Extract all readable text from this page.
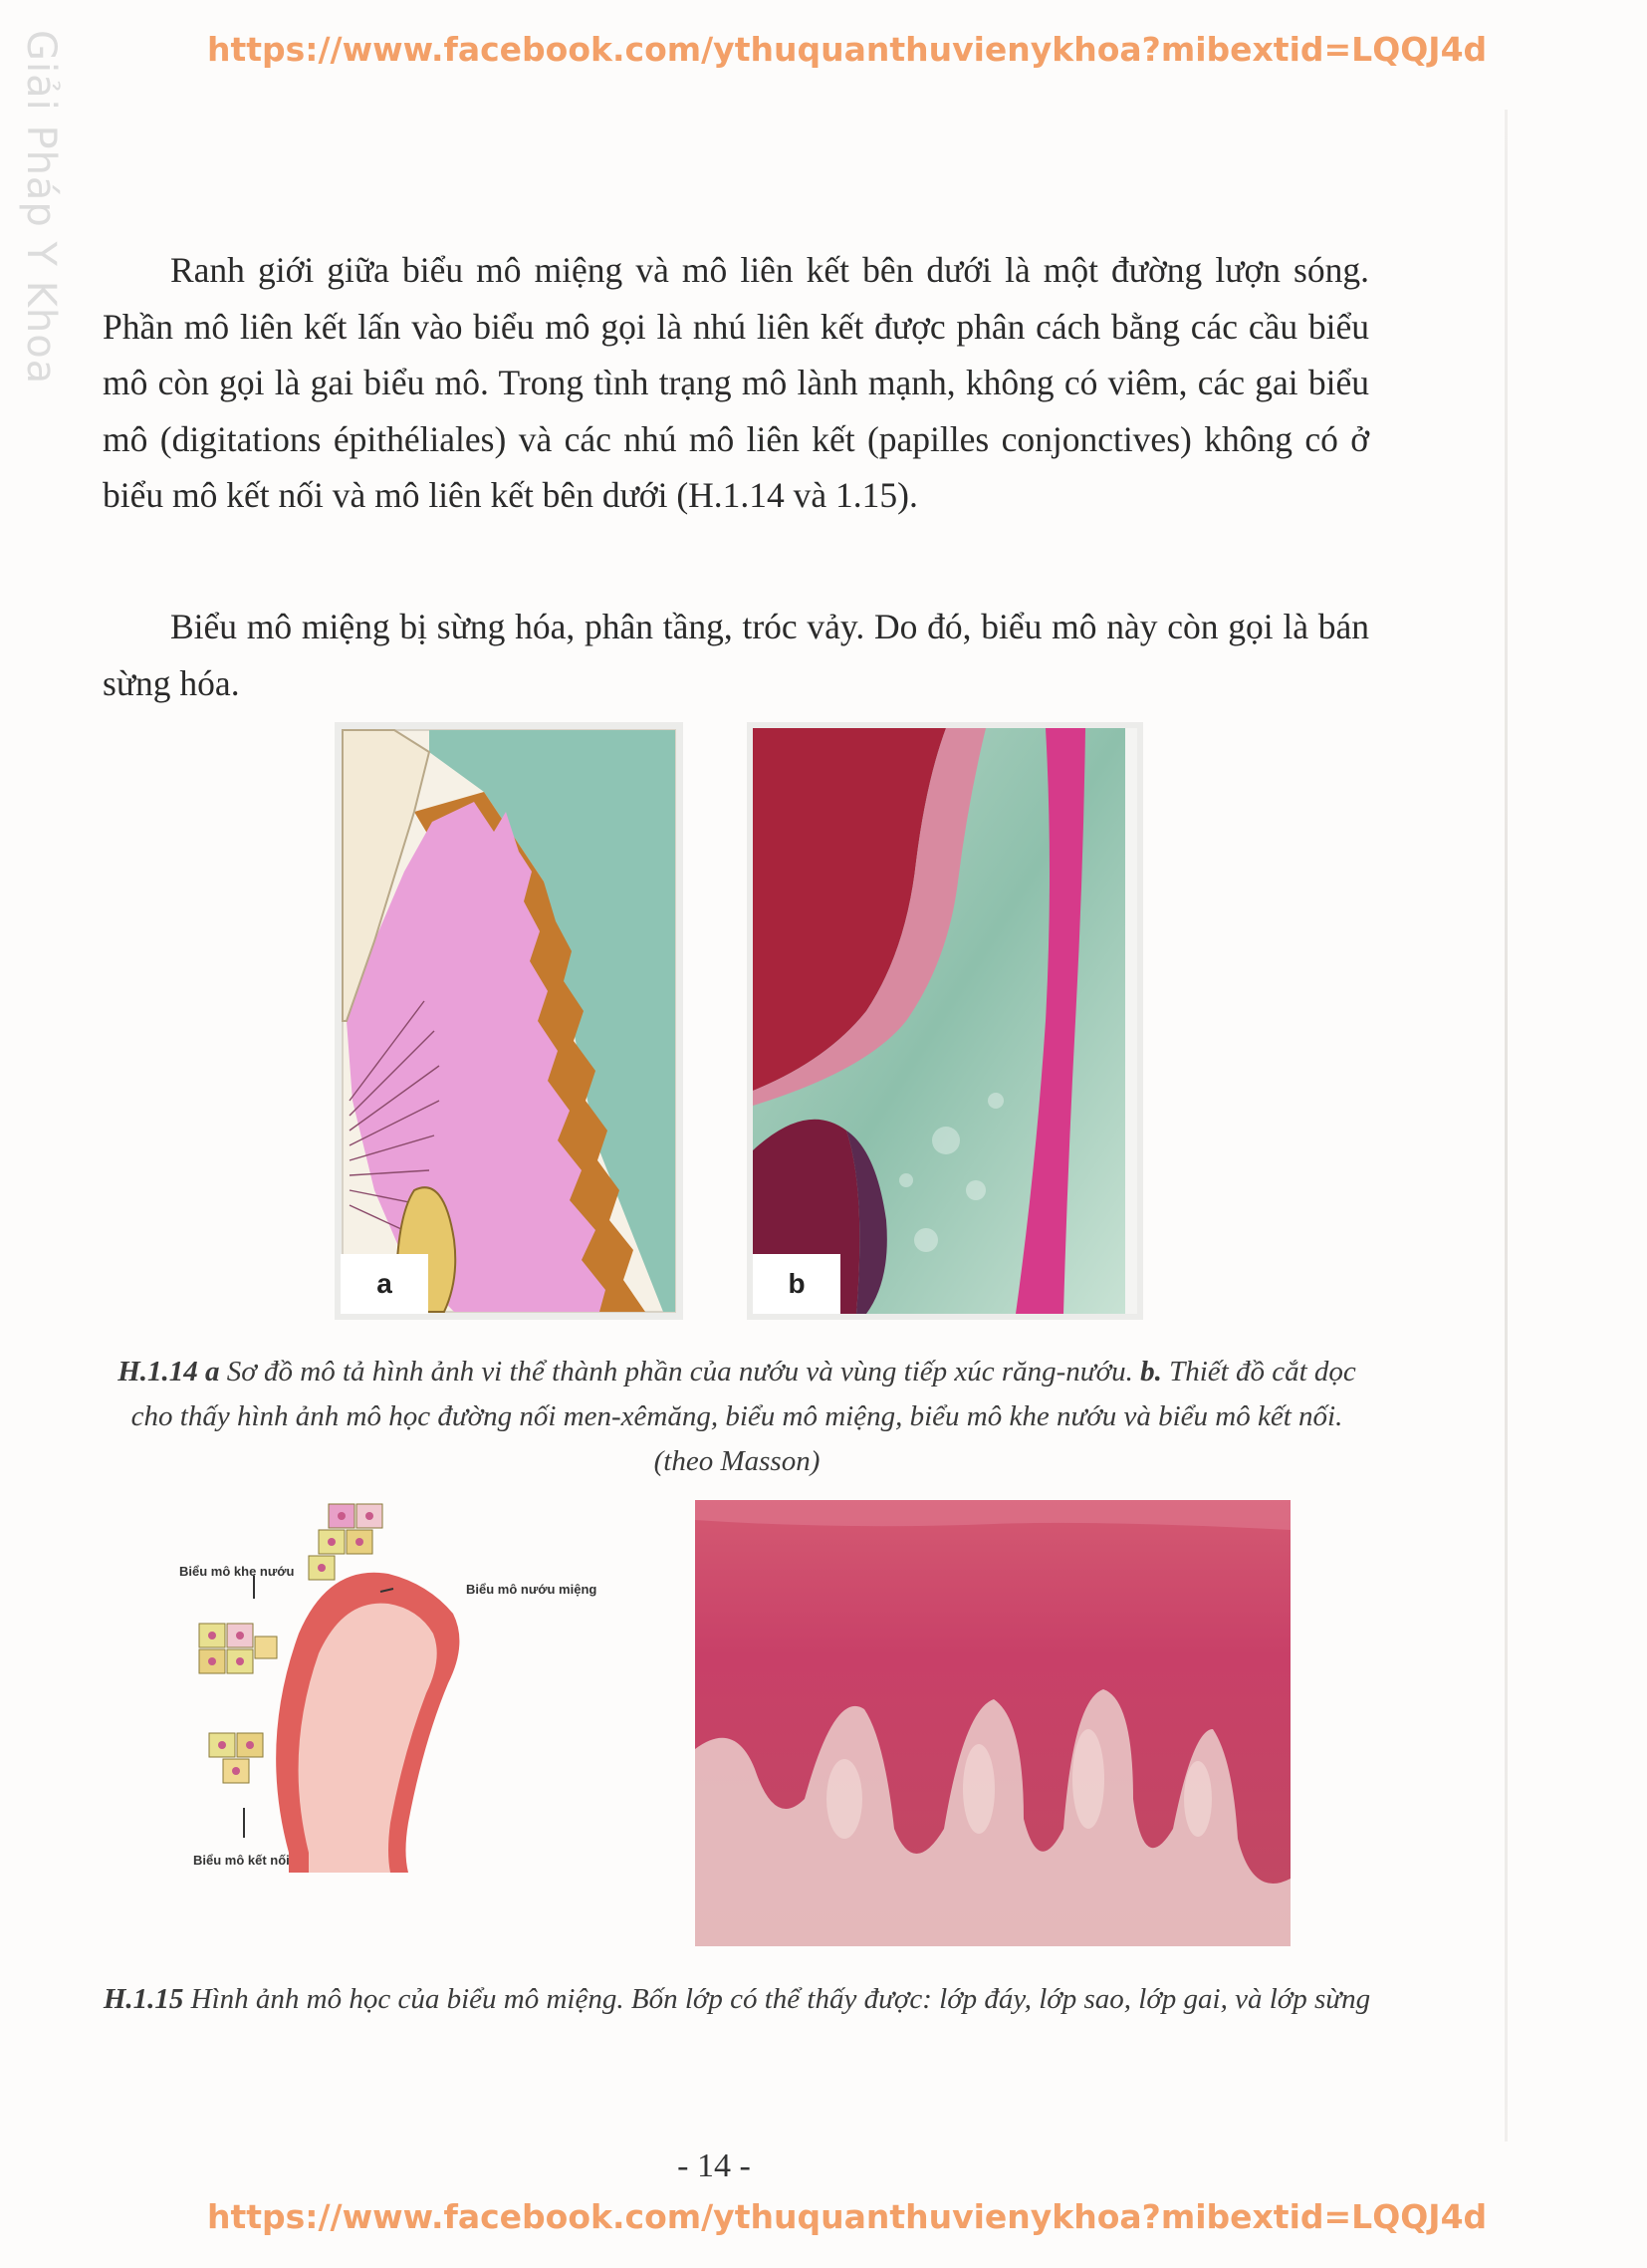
Giải Pháp Y Khoa	https://www.facebook.com/ythuquanthuvienykhoa?mibextid=LQQJ4d

Ranh giới giữa biểu mô miệng và mô liên kết bên dưới là một đường lượn sóng. Phần mô liên kết lấn vào biểu mô gọi là nhú liên kết được phân cách bằng các cầu biểu mô còn gọi là gai biểu mô. Trong tình trạng mô lành mạnh, không có viêm, các gai biểu mô (digitations épithéliales) và các nhú mô liên kết (papilles conjonctives) không có ở biểu mô kết nối và mô liên kết bên dưới (H.1.14 và 1.15).

Biểu mô miệng bị sừng hóa, phân tầng, tróc vảy. Do đó, biểu mô này còn gọi là bán sừng hóa.

a	b

H.1.14 a Sơ đồ mô tả hình ảnh vi thể thành phần của nướu và vùng tiếp xúc răng-nướu. b. Thiết đồ cắt dọc cho thấy hình ảnh mô học đường nối men-xêmăng, biểu mô miệng, biểu mô khe nướu và biểu mô kết nối. (theo Masson)

Biểu mô khe nướu
Biểu mô nướu miệng
Biểu mô kết nối

H.1.15 Hình ảnh mô học của biểu mô miệng. Bốn lớp có thể thấy được: lớp đáy, lớp sao, lớp gai, và lớp sừng

- 14 -
https://www.facebook.com/ythuquanthuvienykhoa?mibextid=LQQJ4d
